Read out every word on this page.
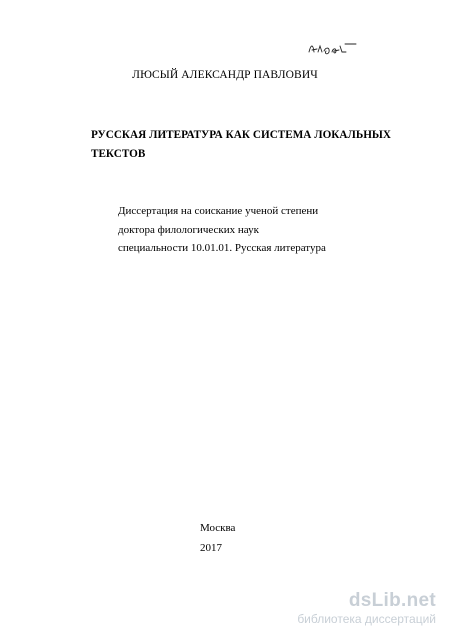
ЛЮСЫЙ АЛЕКСАНДР ПАВЛОВИЧ
РУССКАЯ ЛИТЕРАТУРА КАК СИСТЕМА ЛОКАЛЬНЫХ
ТЕКСТОВ
Диссертация на соискание ученой степени
доктора филологических наук
специальности 10.01.01. Русская литература
Москва
2017
dsLib.net
библиотека диссертаций
